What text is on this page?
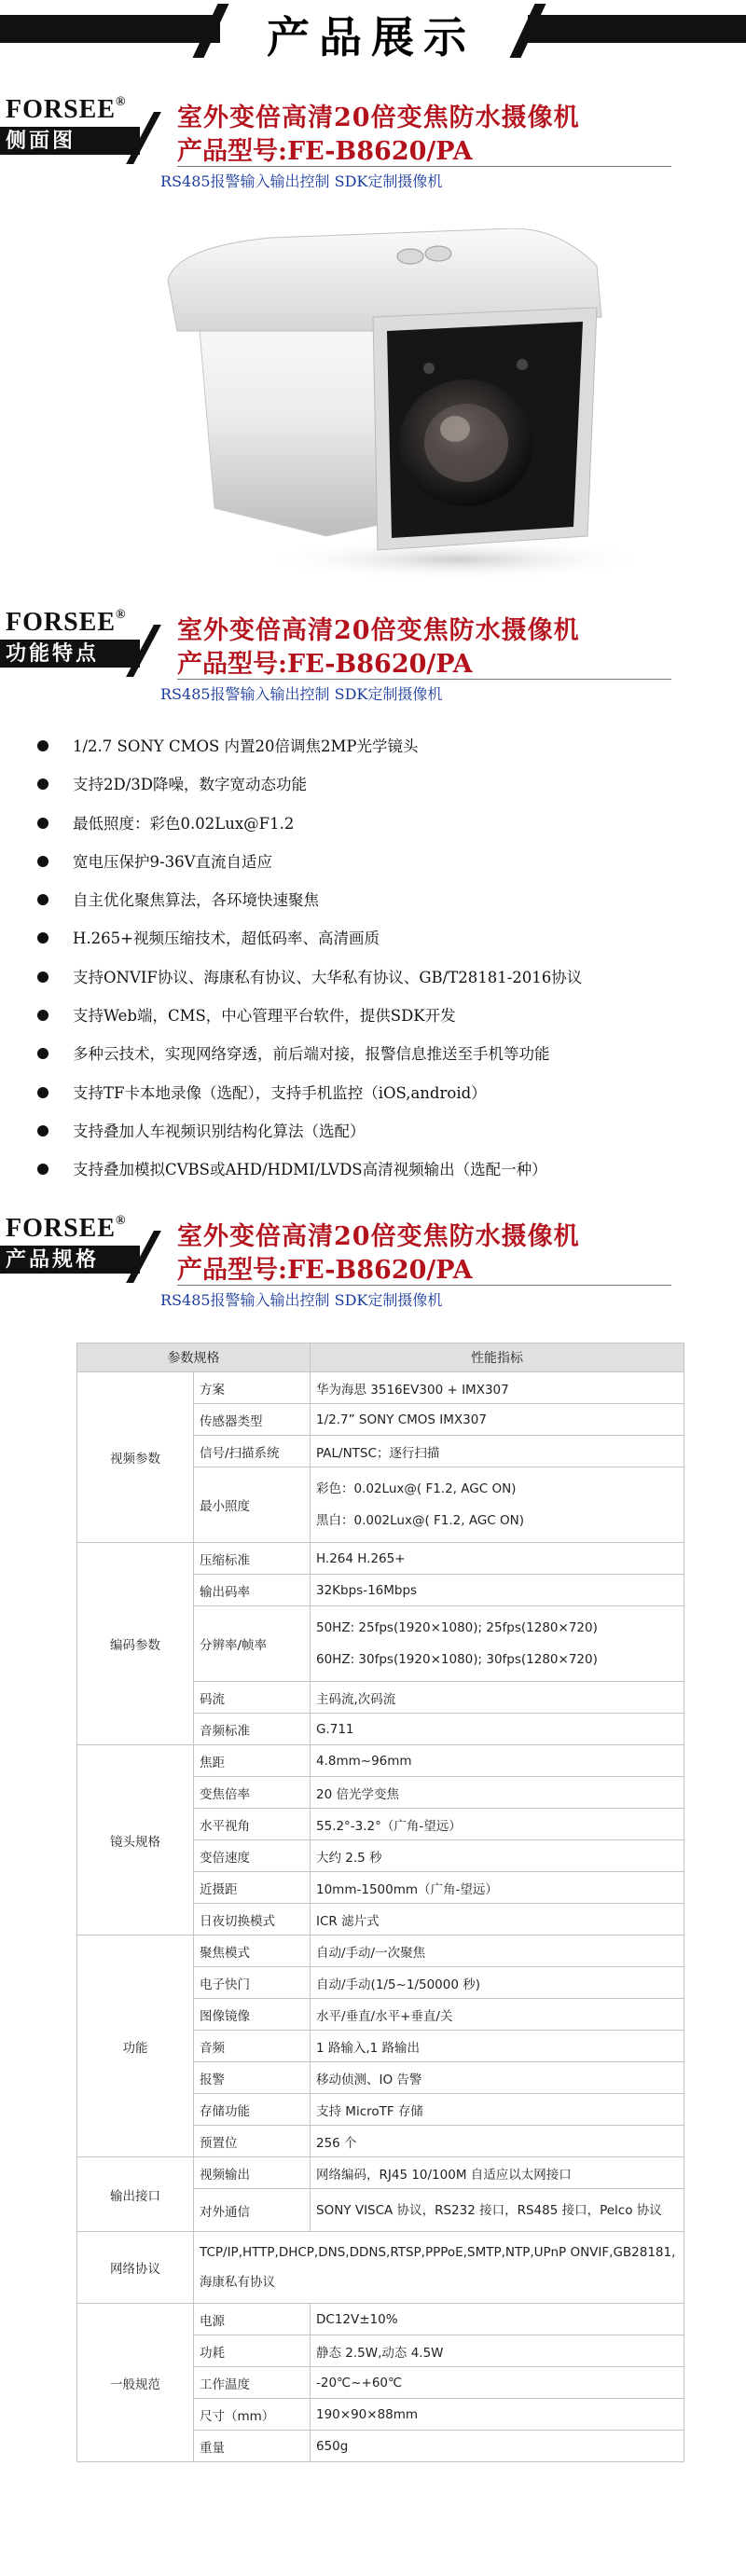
产品展示
FORSEE®
侧面图
室外变倍高清20倍变焦防水摄像机
产品型号:FE-B8620/PA
RS485报警输入输出控制 SDK定制摄像机
FORSEE®
功能特点
室外变倍高清20倍变焦防水摄像机
产品型号:FE-B8620/PA
RS485报警输入输出控制 SDK定制摄像机
1/2.7 SONY CMOS 内置20倍调焦2MP光学镜头
支持2D/3D降噪，数字宽动态功能
最低照度：彩色0.02Lux@F1.2
宽电压保护9-36V直流自适应
自主优化聚焦算法，各环境快速聚焦
H.265+视频压缩技术，超低码率、高清画质
支持ONVIF协议、海康私有协议、大华私有协议、GB/T28181-2016协议
支持Web端，CMS，中心管理平台软件，提供SDK开发
多种云技术，实现网络穿透，前后端对接，报警信息推送至手机等功能
支持TF卡本地录像（选配），支持手机监控（iOS,android）
支持叠加人车视频识别结构化算法（选配）
支持叠加模拟CVBS或AHD/HDMI/LVDS高清视频输出（选配一种）
FORSEE®
产品规格
室外变倍高清20倍变焦防水摄像机
产品型号:FE-B8620/PA
RS485报警输入输出控制 SDK定制摄像机
参数规格		性能指标
视频参数	方案	华为海思 3516EV300 + IMX307
	传感器类型	1/2.7” SONY CMOS IMX307
	信号/扫描系统	PAL/NTSC；逐行扫描
	最小照度	彩色：0.02Lux@( F1.2, AGC ON)
黑白：0.002Lux@( F1.2, AGC ON)

编码参数	压缩标准	H.264 H.265+
	输出码率	32Kbps-16Mbps
	分辨率/帧率	50HZ: 25fps(1920×1080); 25fps(1280×720)
60HZ: 30fps(1920×1080); 30fps(1280×720)

	码流	主码流,次码流
	音频标准	G.711
镜头规格	焦距	4.8mm~96mm
	变焦倍率	20 倍光学变焦
	水平视角	55.2°-3.2°（广角-望远）
	变倍速度	大约 2.5 秒
	近摄距	10mm-1500mm（广角-望远）
	日夜切换模式	ICR 滤片式
功能	聚焦模式	自动/手动/一次聚焦
	电子快门	自动/手动(1/5~1/50000 秒)
	图像镜像	水平/垂直/水平+垂直/关
	音频	1 路输入,1 路输出
	报警	移动侦测、IO 告警
	存储功能	支持 MicroTF 存储
	预置位	256 个
输出接口	视频输出	网络编码，RJ45 10/100M 自适应以太网接口
	对外通信	SONY VISCA 协议，RS232 接口，RS485 接口，Pelco 协议
网络协议	TCP/IP,HTTP,DHCP,DNS,DDNS,RTSP,PPPoE,SMTP,NTP,UPnP ONVIF,GB28181,海康私有协议	
一般规范	电源	DC12V±10%
	功耗	静态 2.5W,动态 4.5W
	工作温度	-20℃~+60℃
	尺寸（mm）	190×90×88mm
	重量	650g
